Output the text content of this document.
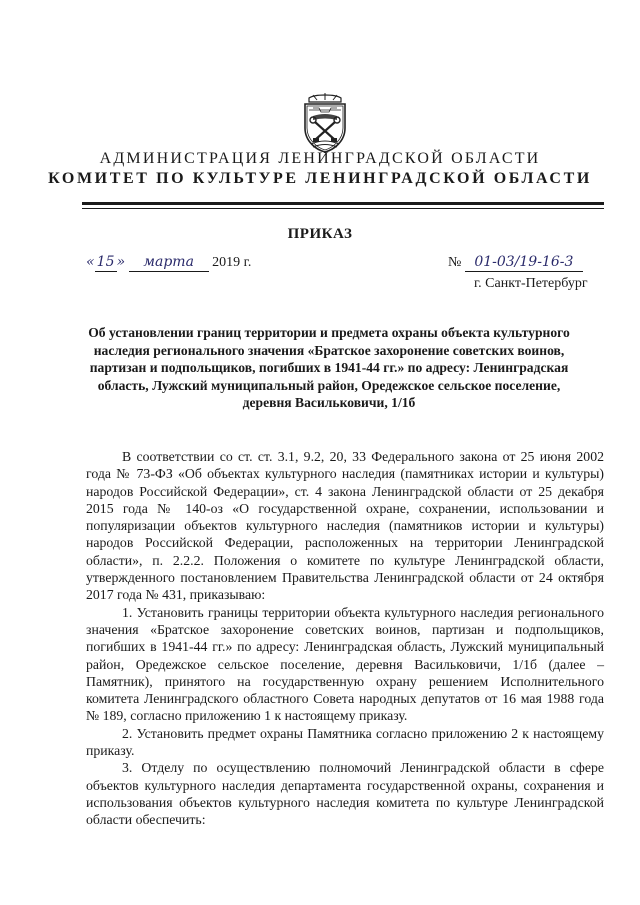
АДМИНИСТРАЦИЯ ЛЕНИНГРАДСКОЙ ОБЛАСТИ
КОМИТЕТ ПО КУЛЬТУРЕ ЛЕНИНГРАДСКОЙ ОБЛАСТИ
ПРИКАЗ
« 15 » марта 2019 г.	№ 01-03/19-16-3
г. Санкт-Петербург
Об установлении границ территории и предмета охраны объекта культурного наследия регионального значения «Братское захоронение советских воинов, партизан и подпольщиков, погибших в 1941-44 гг.» по адресу: Ленинградская область, Лужский муниципальный район, Оредежское сельское поселение, деревня Васильковичи, 1/1б

В соответствии со ст. ст. 3.1, 9.2, 20, 33 Федерального закона от 25 июня 2002 года № 73-ФЗ «Об объектах культурного наследия (памятниках истории и культуры) народов Российской Федерации», ст. 4 закона Ленинградской области от 25 декабря 2015 года № 140-оз «О государственной охране, сохранении, использовании и популяризации объектов культурного наследия (памятников истории и культуры) народов Российской Федерации, расположенных на территории Ленинградской области», п. 2.2.2. Положения о комитете по культуре Ленинградской области, утвержденного постановлением Правительства Ленинградской области от 24 октября 2017 года № 431, приказываю:

1. Установить границы территории объекта культурного наследия регионального значения «Братское захоронение советских воинов, партизан и подпольщиков, погибших в 1941-44 гг.» по адресу: Ленинградская область, Лужский муниципальный район, Оредежское сельское поселение, деревня Васильковичи, 1/1б (далее – Памятник), принятого на государственную охрану решением Исполнительного комитета Ленинградского областного Совета народных депутатов от 16 мая 1988 года № 189, согласно приложению 1 к настоящему приказу.

2. Установить предмет охраны Памятника согласно приложению 2 к настоящему приказу.

3. Отделу по осуществлению полномочий Ленинградской области в сфере объектов культурного наследия департамента государственной охраны, сохранения и использования объектов культурного наследия комитета по культуре Ленинградской области обеспечить:
